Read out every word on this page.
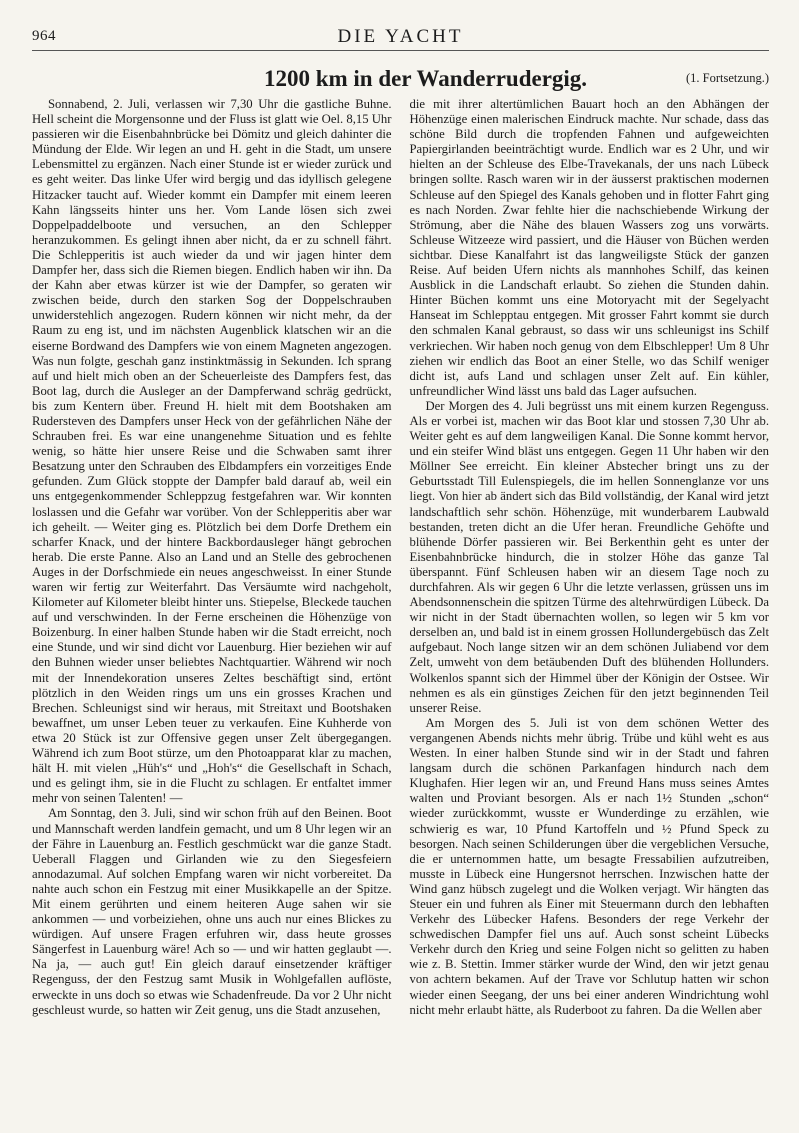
964	DIE YACHT
1200 km in der Wanderrudergig.	(1. Fortsetzung.)

Sonnabend, 2. Juli, verlassen wir 7,30 Uhr die gastliche Buhne. Hell scheint die Morgensonne und der Fluss ist glatt wie Oel. 8,15 Uhr passieren wir die Eisenbahnbrücke bei Dömitz und gleich dahinter die Mündung der Elde. Wir legen an und H. geht in die Stadt, um unsere Lebensmittel zu ergänzen. Nach einer Stunde ist er wieder zurück und es geht weiter. Das linke Ufer wird bergig und das idyllisch gelegene Hitzacker taucht auf. Wieder kommt ein Dampfer mit einem leeren Kahn längsseits hinter uns her. Vom Lande lösen sich zwei Doppelpaddelboote und versuchen, an den Schlepper heranzukommen. Es gelingt ihnen aber nicht, da er zu schnell fährt. Die Schlepperitis ist auch wieder da und wir jagen hinter dem Dampfer her, dass sich die Riemen biegen. Endlich haben wir ihn. Da der Kahn aber etwas kürzer ist wie der Dampfer, so geraten wir zwischen beide, durch den starken Sog der Doppelschrauben unwiderstehlich angezogen. Rudern können wir nicht mehr, da der Raum zu eng ist, und im nächsten Augenblick klatschen wir an die eiserne Bordwand des Dampfers wie von einem Magneten angezogen. Was nun folgte, geschah ganz instinktmässig in Sekunden. Ich sprang auf und hielt mich oben an der Scheuerleiste des Dampfers fest, das Boot lag, durch die Ausleger an der Dampferwand schräg gedrückt, bis zum Kentern über. Freund H. hielt mit dem Bootshaken am Rudersteven des Dampfers unser Heck von der gefährlichen Nähe der Schrauben frei. Es war eine unangenehme Situation und es fehlte wenig, so hätte hier unsere Reise und die Schwaben samt ihrer Besatzung unter den Schrauben des Elbdampfers ein vorzeitiges Ende gefunden. Zum Glück stoppte der Dampfer bald darauf ab, weil ein uns entgegenkommender Schleppzug festgefahren war. Wir konnten loslassen und die Gefahr war vorüber. Von der Schlepperitis aber war ich geheilt. — Weiter ging es. Plötzlich bei dem Dorfe Drethem ein scharfer Knack, und der hintere Backbordausleger hängt gebrochen herab. Die erste Panne. Also an Land und an Stelle des gebrochenen Auges in der Dorfschmiede ein neues angeschweisst. In einer Stunde waren wir fertig zur Weiterfahrt. Das Versäumte wird nachgeholt, Kilometer auf Kilometer bleibt hinter uns. Stiepelse, Bleckede tauchen auf und verschwinden. In der Ferne erscheinen die Höhenzüge von Boizenburg. In einer halben Stunde haben wir die Stadt erreicht, noch eine Stunde, und wir sind dicht vor Lauenburg. Hier beziehen wir auf den Buhnen wieder unser beliebtes Nachtquartier. Während wir noch mit der Innendekoration unseres Zeltes beschäftigt sind, ertönt plötzlich in den Weiden rings um uns ein grosses Krachen und Brechen. Schleunigst sind wir heraus, mit Streitaxt und Bootshaken bewaffnet, um unser Leben teuer zu verkaufen. Eine Kuhherde von etwa 20 Stück ist zur Offensive gegen unser Zelt übergegangen. Während ich zum Boot stürze, um den Photoapparat klar zu machen, hält H. mit vielen „Hüh's“ und „Hoh's“ die Gesellschaft in Schach, und es gelingt ihm, sie in die Flucht zu schlagen. Er entfaltet immer mehr von seinen Talenten! —

Am Sonntag, den 3. Juli, sind wir schon früh auf den Beinen. Boot und Mannschaft werden landfein gemacht, und um 8 Uhr legen wir an der Fähre in Lauenburg an. Festlich geschmückt war die ganze Stadt. Ueberall Flaggen und Girlanden wie zu den Siegesfeiern annodazumal. Auf solchen Empfang waren wir nicht vorbereitet. Da nahte auch schon ein Festzug mit einer Musikkapelle an der Spitze. Mit einem gerührten und einem heiteren Auge sahen wir sie ankommen — und vorbeiziehen, ohne uns auch nur eines Blickes zu würdigen. Auf unsere Fragen erfuhren wir, dass heute grosses Sängerfest in Lauenburg wäre! Ach so — und wir hatten geglaubt —. Na ja, — auch gut! Ein gleich darauf einsetzender kräftiger Regenguss, der den Festzug samt Musik in Wohlgefallen auflöste, erweckte in uns doch so etwas wie Schadenfreude. Da vor 2 Uhr nicht geschleust wurde, so hatten wir Zeit genug, uns die Stadt anzusehen,

die mit ihrer altertümlichen Bauart hoch an den Abhängen der Höhenzüge einen malerischen Eindruck machte. Nur schade, dass das schöne Bild durch die tropfenden Fahnen und aufgeweichten Papiergirlanden beeinträchtigt wurde. Endlich war es 2 Uhr, und wir hielten an der Schleuse des Elbe-Travekanals, der uns nach Lübeck bringen sollte. Rasch waren wir in der äusserst praktischen modernen Schleuse auf den Spiegel des Kanals gehoben und in flotter Fahrt ging es nach Norden. Zwar fehlte hier die nachschiebende Wirkung der Strömung, aber die Nähe des blauen Wassers zog uns vorwärts. Schleuse Witzeeze wird passiert, und die Häuser von Büchen werden sichtbar. Diese Kanalfahrt ist das langweiligste Stück der ganzen Reise. Auf beiden Ufern nichts als mannhohes Schilf, das keinen Ausblick in die Landschaft erlaubt. So ziehen die Stunden dahin. Hinter Büchen kommt uns eine Motoryacht mit der Segelyacht Hanseat im Schlepptau entgegen. Mit grosser Fahrt kommt sie durch den schmalen Kanal gebraust, so dass wir uns schleunigst ins Schilf verkriechen. Wir haben noch genug von dem Elbschlepper! Um 8 Uhr ziehen wir endlich das Boot an einer Stelle, wo das Schilf weniger dicht ist, aufs Land und schlagen unser Zelt auf. Ein kühler, unfreundlicher Wind lässt uns bald das Lager aufsuchen.

Der Morgen des 4. Juli begrüsst uns mit einem kurzen Regenguss. Als er vorbei ist, machen wir das Boot klar und stossen 7,30 Uhr ab. Weiter geht es auf dem langweiligen Kanal. Die Sonne kommt hervor, und ein steifer Wind bläst uns entgegen. Gegen 11 Uhr haben wir den Möllner See erreicht. Ein kleiner Abstecher bringt uns zu der Geburtsstadt Till Eulenspiegels, die im hellen Sonnenglanze vor uns liegt. Von hier ab ändert sich das Bild vollständig, der Kanal wird jetzt landschaftlich sehr schön. Höhenzüge, mit wunderbarem Laubwald bestanden, treten dicht an die Ufer heran. Freundliche Gehöfte und blühende Dörfer passieren wir. Bei Berkenthin geht es unter der Eisenbahnbrücke hindurch, die in stolzer Höhe das ganze Tal überspannt. Fünf Schleusen haben wir an diesem Tage noch zu durchfahren. Als wir gegen 6 Uhr die letzte verlassen, grüssen uns im Abendsonnenschein die spitzen Türme des altehrwürdigen Lübeck. Da wir nicht in der Stadt übernachten wollen, so legen wir 5 km vor derselben an, und bald ist in einem grossen Hollundergebüsch das Zelt aufgebaut. Noch lange sitzen wir an dem schönen Juliabend vor dem Zelt, umweht von dem betäubenden Duft des blühenden Hollunders. Wolkenlos spannt sich der Himmel über der Königin der Ostsee. Wir nehmen es als ein günstiges Zeichen für den jetzt beginnenden Teil unserer Reise.

Am Morgen des 5. Juli ist von dem schönen Wetter des vergangenen Abends nichts mehr übrig. Trübe und kühl weht es aus Westen. In einer halben Stunde sind wir in der Stadt und fahren langsam durch die schönen Parkanfagen hindurch nach dem Klughafen. Hier legen wir an, und Freund Hans muss seines Amtes walten und Proviant besorgen. Als er nach 1½ Stunden „schon“ wieder zurückkommt, wusste er Wunderdinge zu erzählen, wie schwierig es war, 10 Pfund Kartoffeln und ½ Pfund Speck zu besorgen. Nach seinen Schilderungen über die vergeblichen Versuche, die er unternommen hatte, um besagte Fressabilien aufzutreiben, musste in Lübeck eine Hungersnot herrschen. Inzwischen hatte der Wind ganz hübsch zugelegt und die Wolken verjagt. Wir hängten das Steuer ein und fuhren als Einer mit Steuermann durch den lebhaften Verkehr des Lübecker Hafens. Besonders der rege Verkehr der schwedischen Dampfer fiel uns auf. Auch sonst scheint Lübecks Verkehr durch den Krieg und seine Folgen nicht so gelitten zu haben wie z. B. Stettin. Immer stärker wurde der Wind, den wir jetzt genau von achtern bekamen. Auf der Trave vor Schlutup hatten wir schon wieder einen Seegang, der uns bei einer anderen Windrichtung wohl nicht mehr erlaubt hätte, als Ruderboot zu fahren. Da die Wellen aber
